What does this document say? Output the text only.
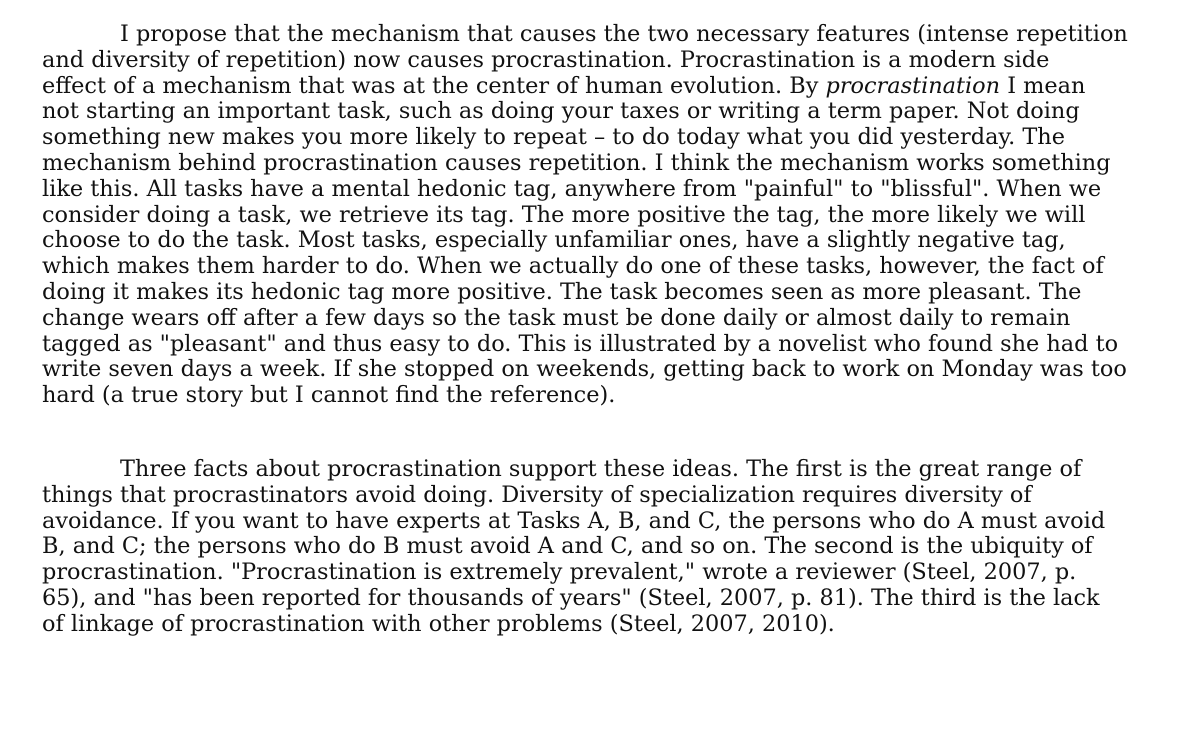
I propose that the mechanism that causes the two necessary features (intense repetition
and diversity of repetition) now causes procrastination. Procrastination is a modern side
effect of a mechanism that was at the center of human evolution. By procrastination I mean
not starting an important task, such as doing your taxes or writing a term paper. Not doing
something new makes you more likely to repeat – to do today what you did yesterday. The
mechanism behind procrastination causes repetition. I think the mechanism works something
like this. All tasks have a mental hedonic tag, anywhere from "painful" to "blissful". When we
consider doing a task, we retrieve its tag. The more positive the tag, the more likely we will
choose to do the task. Most tasks, especially unfamiliar ones, have a slightly negative tag,
which makes them harder to do. When we actually do one of these tasks, however, the fact of
doing it makes its hedonic tag more positive. The task becomes seen as more pleasant. The
change wears off after a few days so the task must be done daily or almost daily to remain
tagged as "pleasant" and thus easy to do. This is illustrated by a novelist who found she had to
write seven days a week. If she stopped on weekends, getting back to work on Monday was too
hard (a true story but I cannot find the reference).

Three facts about procrastination support these ideas. The first is the great range of
things that procrastinators avoid doing. Diversity of specialization requires diversity of
avoidance. If you want to have experts at Tasks A, B, and C, the persons who do A must avoid
B, and C; the persons who do B must avoid A and C, and so on. The second is the ubiquity of
procrastination. "Procrastination is extremely prevalent," wrote a reviewer (Steel, 2007, p.
65), and "has been reported for thousands of years" (Steel, 2007, p. 81). The third is the lack
of linkage of procrastination with other problems (Steel, 2007, 2010).
